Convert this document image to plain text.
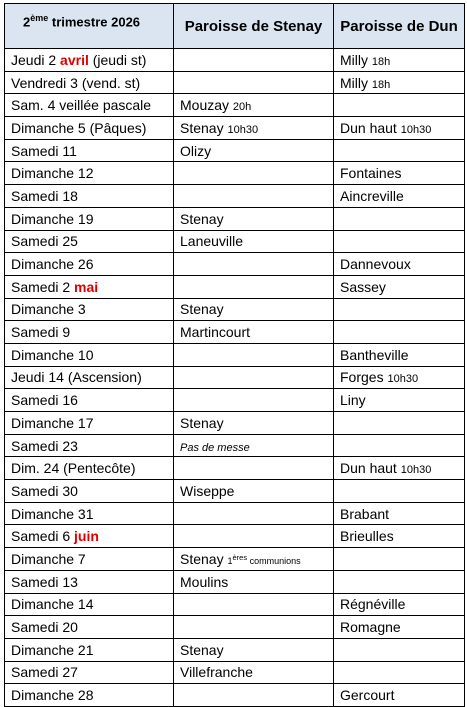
2ème trimestre 2026	Paroisse de Stenay	Paroisse de Dun
Jeudi 2 avril (jeudi st)		Milly 18h
Vendredi 3 (vend. st)		Milly 18h
Sam. 4 veillée pascale	Mouzay 20h	
Dimanche 5 (Pâques)	Stenay 10h30	Dun haut 10h30
Samedi 11	Olizy	
Dimanche 12		Fontaines
Samedi 18		Aincreville
Dimanche 19	Stenay	
Samedi 25	Laneuville	
Dimanche 26		Dannevoux
Samedi 2 mai		Sassey
Dimanche 3	Stenay	
Samedi 9	Martincourt	
Dimanche 10		Bantheville
Jeudi 14 (Ascension)		Forges 10h30
Samedi 16		Liny
Dimanche 17	Stenay	
Samedi 23	Pas de messe	
Dim. 24 (Pentecôte)		Dun haut 10h30
Samedi 30	Wiseppe	
Dimanche 31		Brabant
Samedi 6 juin		Brieulles
Dimanche 7	Stenay 1ères communions	
Samedi 13	Moulins	
Dimanche 14		Régnéville
Samedi 20		Romagne
Dimanche 21	Stenay	
Samedi 27	Villefranche	
Dimanche 28		Gercourt
